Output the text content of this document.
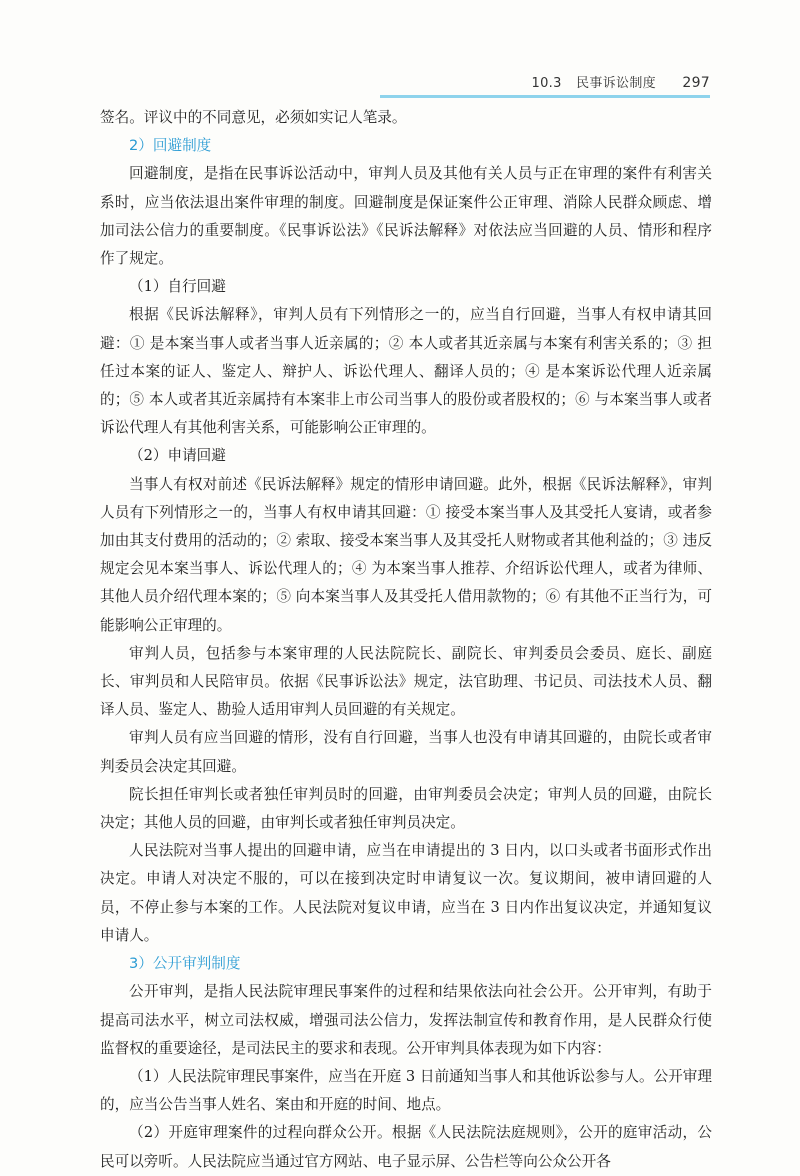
10.3 民事诉讼制度 297

签名。评议中的不同意见，必须如实记人笔录。

2）回避制度

回避制度，是指在民事诉讼活动中，审判人员及其他有关人员与正在审理的案件有利害关系时，应当依法退出案件审理的制度。回避制度是保证案件公正审理、消除人民群众顾虑、增加司法公信力的重要制度。《民事诉讼法》《民诉法解释》对依法应当回避的人员、情形和程序作了规定。

（1）自行回避

根据《民诉法解释》，审判人员有下列情形之一的，应当自行回避，当事人有权申请其回避：① 是本案当事人或者当事人近亲属的；② 本人或者其近亲属与本案有利害关系的；③ 担任过本案的证人、鉴定人、辩护人、诉讼代理人、翻译人员的；④ 是本案诉讼代理人近亲属的；⑤ 本人或者其近亲属持有本案非上市公司当事人的股份或者股权的；⑥ 与本案当事人或者诉讼代理人有其他利害关系，可能影响公正审理的。

（2）申请回避

当事人有权对前述《民诉法解释》规定的情形申请回避。此外，根据《民诉法解释》，审判人员有下列情形之一的，当事人有权申请其回避：① 接受本案当事人及其受托人宴请，或者参加由其支付费用的活动的；② 索取、接受本案当事人及其受托人财物或者其他利益的；③ 违反规定会见本案当事人、诉讼代理人的；④ 为本案当事人推荐、介绍诉讼代理人，或者为律师、其他人员介绍代理本案的；⑤ 向本案当事人及其受托人借用款物的；⑥ 有其他不正当行为，可能影响公正审理的。

审判人员，包括参与本案审理的人民法院院长、副院长、审判委员会委员、庭长、副庭长、审判员和人民陪审员。依据《民事诉讼法》规定，法官助理、书记员、司法技术人员、翻译人员、鉴定人、勘验人适用审判人员回避的有关规定。

审判人员有应当回避的情形，没有自行回避，当事人也没有申请其回避的，由院长或者审判委员会决定其回避。

院长担任审判长或者独任审判员时的回避，由审判委员会决定；审判人员的回避，由院长决定；其他人员的回避，由审判长或者独任审判员决定。

人民法院对当事人提出的回避申请，应当在申请提出的 3 日内，以口头或者书面形式作出决定。申请人对决定不服的，可以在接到决定时申请复议一次。复议期间，被申请回避的人员，不停止参与本案的工作。人民法院对复议申请，应当在 3 日内作出复议决定，并通知复议申请人。

3）公开审判制度

公开审判，是指人民法院审理民事案件的过程和结果依法向社会公开。公开审判，有助于提高司法水平，树立司法权威，增强司法公信力，发挥法制宣传和教育作用，是人民群众行使监督权的重要途径，是司法民主的要求和表现。公开审判具体表现为如下内容：

（1）人民法院审理民事案件，应当在开庭 3 日前通知当事人和其他诉讼参与人。公开审理的，应当公告当事人姓名、案由和开庭的时间、地点。

（2）开庭审理案件的过程向群众公开。根据《人民法院法庭规则》，公开的庭审活动，公民可以旁听。人民法院应当通过官方网站、电子显示屏、公告栏等向公众公开各
